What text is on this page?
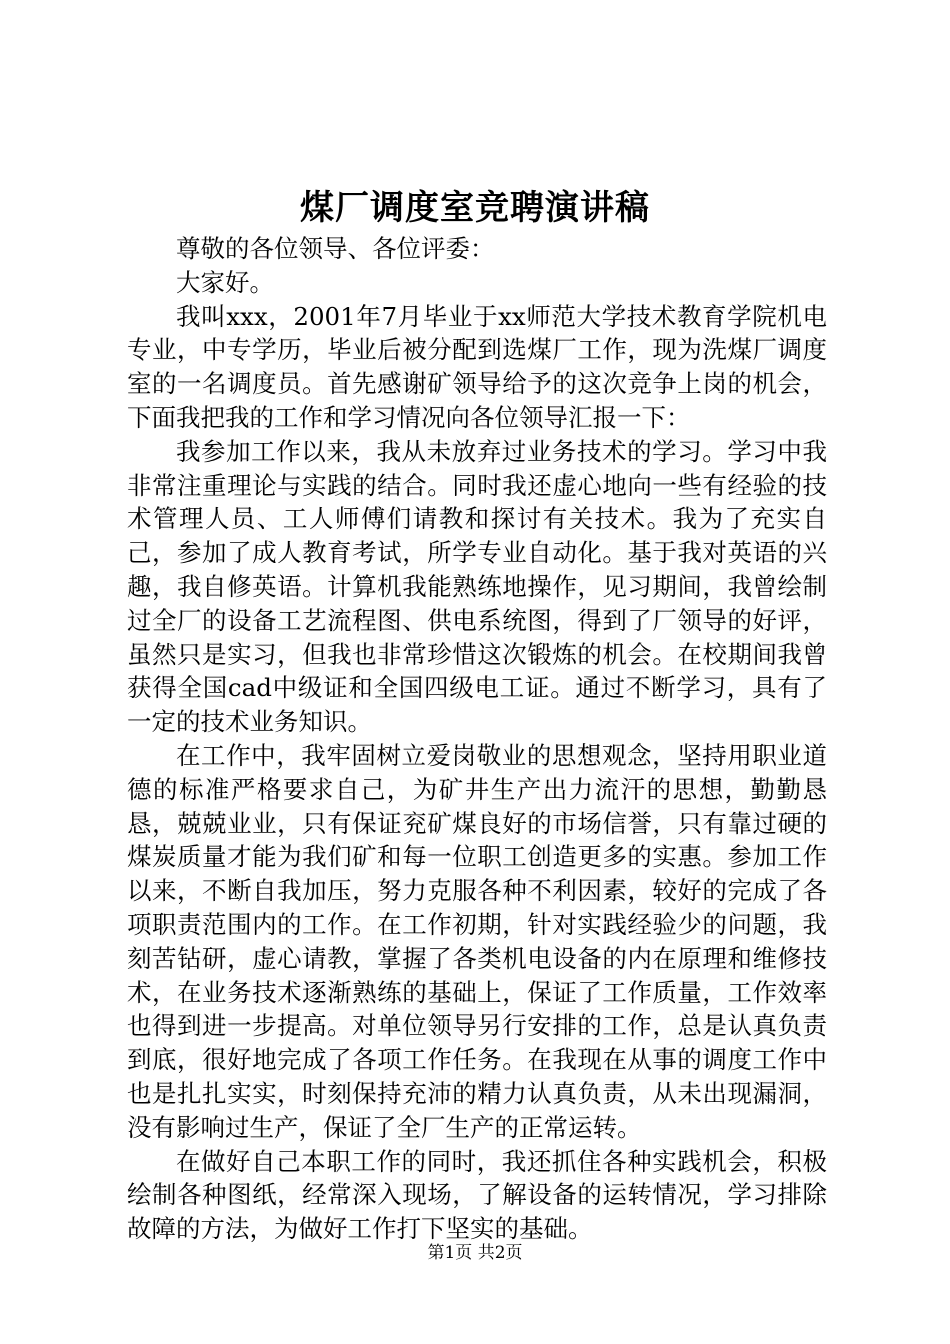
煤厂调度室竞聘演讲稿

尊敬的各位领导、各位评委：

大家好。

我叫xxx，2001年7月毕业于xx师范大学技术教育学院机电专业，中专学历，毕业后被分配到选煤厂工作，现为洗煤厂调度室的一名调度员。首先感谢矿领导给予的这次竞争上岗的机会，下面我把我的工作和学习情况向各位领导汇报一下：

我参加工作以来，我从未放弃过业务技术的学习。学习中我非常注重理论与实践的结合。同时我还虚心地向一些有经验的技术管理人员、工人师傅们请教和探讨有关技术。我为了充实自己，参加了成人教育考试，所学专业自动化。基于我对英语的兴趣，我自修英语。计算机我能熟练地操作，见习期间，我曾绘制过全厂的设备工艺流程图、供电系统图，得到了厂领导的好评，虽然只是实习，但我也非常珍惜这次锻炼的机会。在校期间我曾获得全国cad中级证和全国四级电工证。通过不断学习，具有了一定的技术业务知识。

在工作中，我牢固树立爱岗敬业的思想观念，坚持用职业道德的标准严格要求自己，为矿井生产出力流汗的思想，勤勤恳恳，兢兢业业，只有保证兖矿煤良好的市场信誉，只有靠过硬的煤炭质量才能为我们矿和每一位职工创造更多的实惠。参加工作以来，不断自我加压，努力克服各种不利因素，较好的完成了各项职责范围内的工作。在工作初期，针对实践经验少的问题，我刻苦钻研，虚心请教，掌握了各类机电设备的内在原理和维修技术，在业务技术逐渐熟练的基础上，保证了工作质量，工作效率也得到进一步提高。对单位领导另行安排的工作，总是认真负责到底，很好地完成了各项工作任务。在我现在从事的调度工作中也是扎扎实实，时刻保持充沛的精力认真负责，从未出现漏洞，没有影响过生产，保证了全厂生产的正常运转。

在做好自己本职工作的同时，我还抓住各种实践机会，积极绘制各种图纸，经常深入现场，了解设备的运转情况，学习排除故障的方法，为做好工作打下坚实的基础。

第1页 共2页
